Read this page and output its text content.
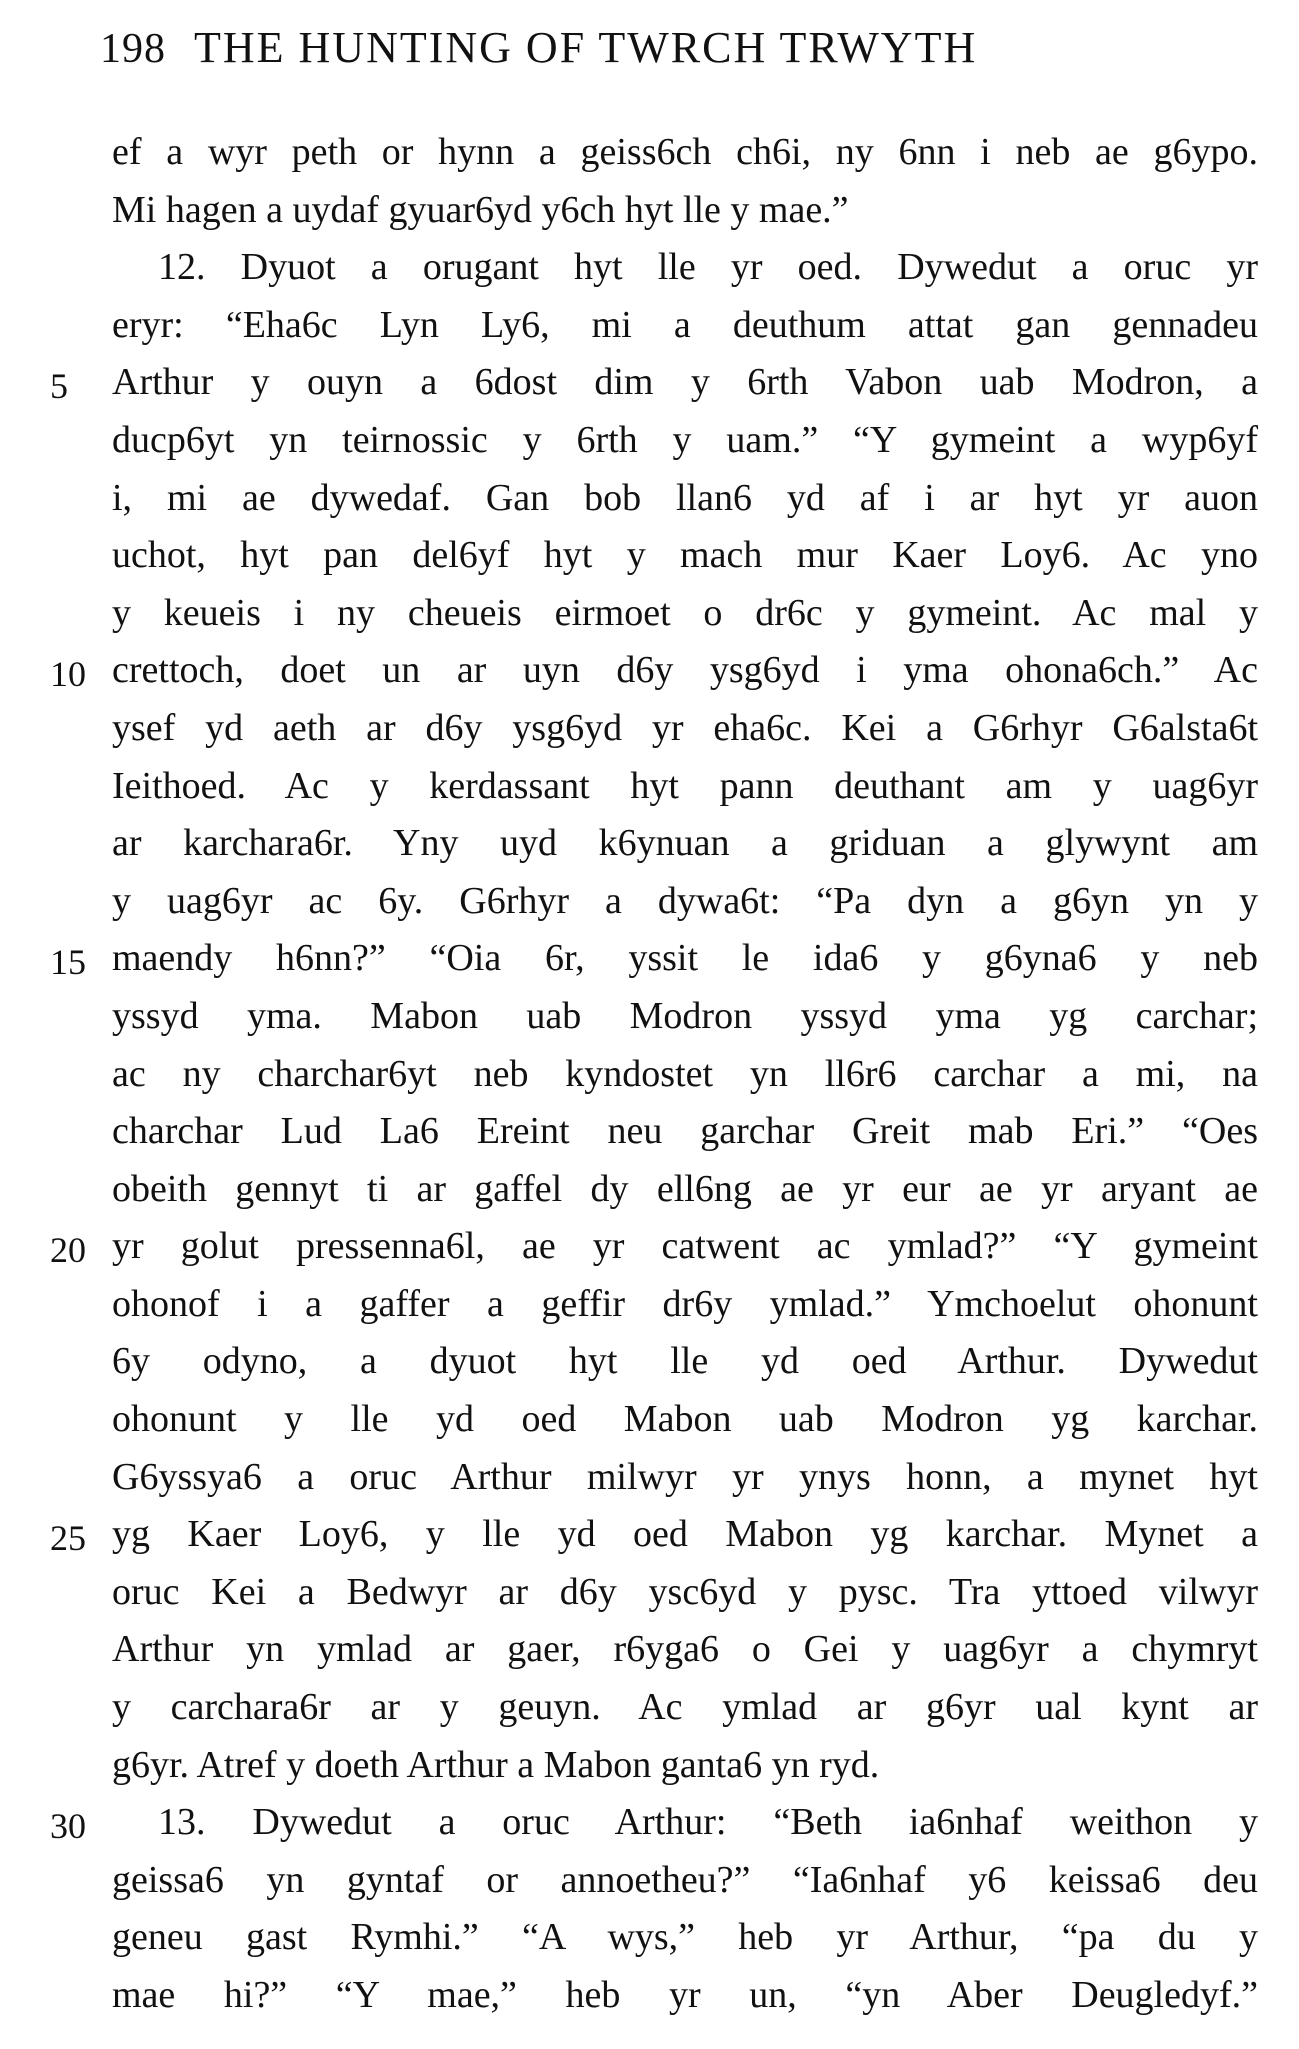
198 THE HUNTING OF TWRCH TRWYTH
ef a wyr peth or hynn a geiss6ch ch6i, ny 6nn i neb ae g6ypo.
Mi hagen a uydaf gyuar6yd y6ch hyt lle y mae.”
12. Dyuot a orugant hyt lle yr oed. Dywedut a oruc yr
eryr: “Eha6c Lyn Ly6, mi a deuthum attat gan gennadeu
5	Arthur y ouyn a 6dost dim y 6rth Vabon uab Modron, a
ducp6yt yn teirnossic y 6rth y uam.” “Y gymeint a wyp6yf
i, mi ae dywedaf. Gan bob llan6 yd af i ar hyt yr auon
uchot, hyt pan del6yf hyt y mach mur Kaer Loy6. Ac yno
y keueis i ny cheueis eirmoet o dr6c y gymeint. Ac mal y
10 crettoch, doet un ar uyn d6y ysg6yd i yma ohona6ch.” Ac
ysef yd aeth ar d6y ysg6yd yr eha6c. Kei a G6rhyr G6alsta6t
Ieithoed. Ac y kerdassant hyt pann deuthant am y uag6yr
ar karchara6r. Yny uyd k6ynuan a griduan a glywynt am
y uag6yr ac 6y. G6rhyr a dywa6t: “Pa dyn a g6yn yn y
15 maendy h6nn?” “Oia 6r, yssit le ida6 y g6yna6 y neb
yssyd yma. Mabon uab Modron yssyd yma yg carchar;
ac ny charchar6yt neb kyndostet yn ll6r6 carchar a mi, na
charchar Lud La6 Ereint neu garchar Greit mab Eri.” “Oes
obeith gennyt ti ar gaffel dy ell6ng ae yr eur ae yr aryant ae
20 yr golut pressenna6l, ae yr catwent ac ymlad?” “Y gymeint
ohonof i a gaffer a geffir dr6y ymlad.” Ymchoelut ohonunt
6y odyno, a dyuot hyt lle yd oed Arthur. Dywedut
ohonunt y lle yd oed Mabon uab Modron yg karchar.
G6yssya6 a oruc Arthur milwyr yr ynys honn, a mynet hyt
25 yg Kaer Loy6, y lle yd oed Mabon yg karchar. Mynet a
oruc Kei a Bedwyr ar d6y ysc6yd y pysc. Tra yttoed vilwyr
Arthur yn ymlad ar gaer, r6yga6 o Gei y uag6yr a chymryt
y carchara6r ar y geuyn. Ac ymlad ar g6yr ual kynt ar
g6yr. Atref y doeth Arthur a Mabon ganta6 yn ryd.
30	13. Dywedut a oruc Arthur: “Beth ia6nhaf weithon y
geissa6 yn gyntaf or annoetheu?” “Ia6nhaf y6 keissa6 deu
geneu gast Rymhi.” “A wys,” heb yr Arthur, “pa du y
mae hi?” “Y mae,” heb yr un, “yn Aber Deugledyf.”
